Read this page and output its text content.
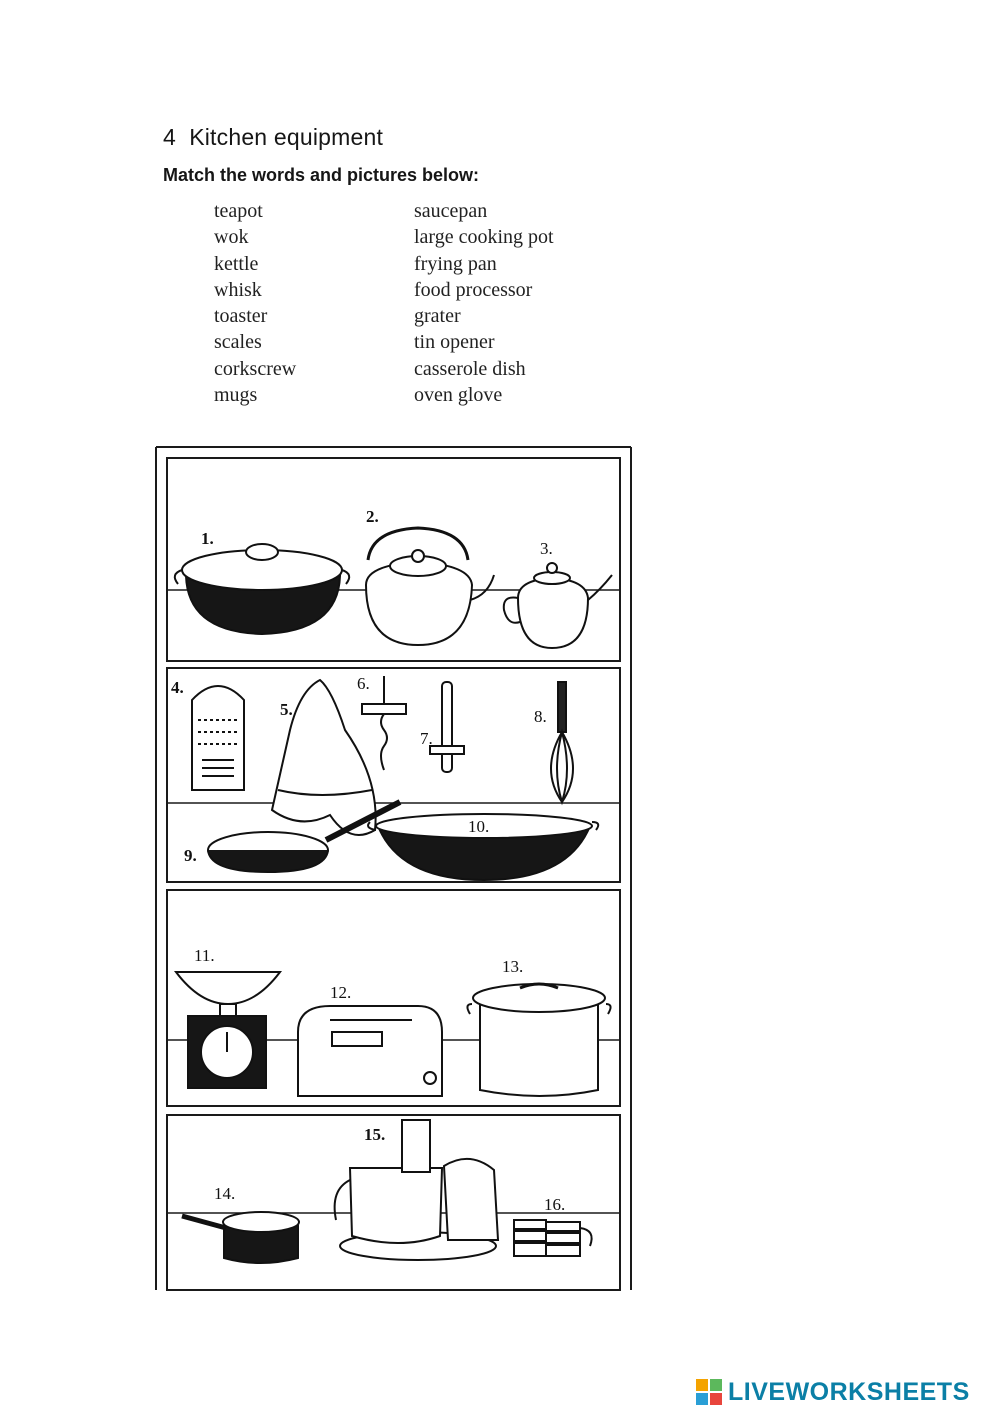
4 Kitchen equipment
Match the words and pictures below:
teapot
wok
kettle
whisk
toaster
scales
corkscrew
mugs
saucepan
large cooking pot
frying pan
food processor
grater
tin opener
casserole dish
oven glove
1.
2.
3.
4.
5.
6.
7.
8.
9.
10.
11.
12.
13.
14.
15.
16.
LIVEWORKSHEETS
